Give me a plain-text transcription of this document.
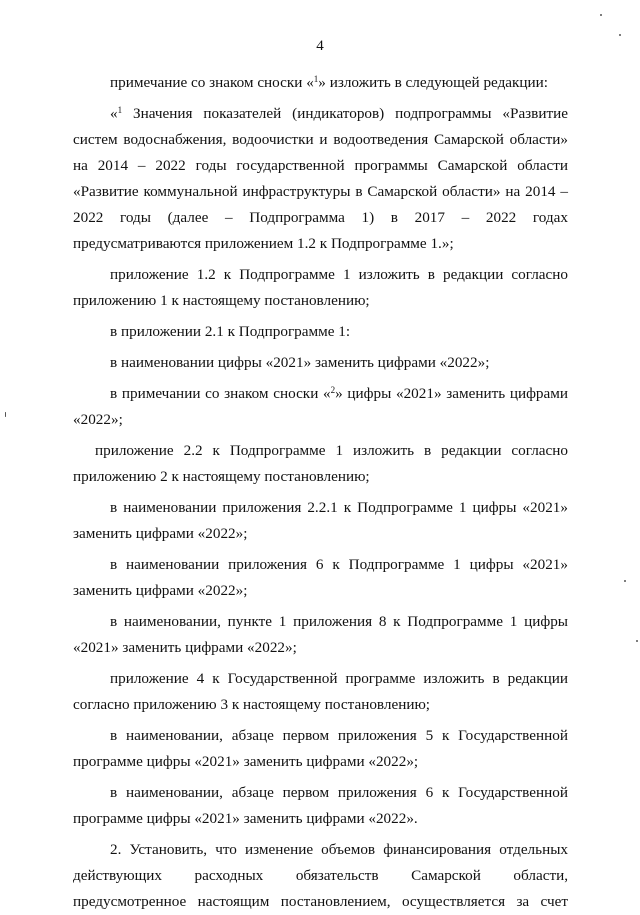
4

примечание со знаком сноски «$^1$» изложить в следующей редакции:

«$^1$ Значения показателей (индикаторов) подпрограммы «Развитие

систем водоснабжения, водоочистки и водоотведения Самарской области»

на 2014 – 2022 годы государственной программы Самарской области

«Развитие коммунальной инфраструктуры в Самарской области» на 2014 –

2022 годы (далее – Подпрограмма 1) в 2017 – 2022 годах

предусматриваются приложением 1.2 к Подпрограмме 1.»;

приложение 1.2 к Подпрограмме 1 изложить в редакции согласно приложению 1 к настоящему постановлению;

в приложении 2.1 к Подпрограмме 1:

в наименовании цифры «2021» заменить цифрами «2022»;

в примечании со знаком сноски «$^2$» цифры «2021» заменить цифрами «2022»;

приложение 2.2 к Подпрограмме 1 изложить в редакции согласно приложению 2 к настоящему постановлению;

в наименовании приложения 2.2.1 к Подпрограмме 1 цифры «2021» заменить цифрами «2022»;

в наименовании приложения 6 к Подпрограмме 1 цифры «2021» заменить цифрами «2022»;

в наименовании, пункте 1 приложения 8 к Подпрограмме 1 цифры «2021» заменить цифрами «2022»;

приложение 4 к Государственной программе изложить в редакции согласно приложению 3 к настоящему постановлению;

в наименовании, абзаце первом приложения 5 к Государственной программе цифры «2021» заменить цифрами «2022»;

в наименовании, абзаце первом приложения 6 к Государственной программе цифры «2021» заменить цифрами «2022».

2. Установить, что изменение объемов финансирования отдельных

действующих расходных обязательств Самарской области,

предусмотренное настоящим постановлением, осуществляется за счет
